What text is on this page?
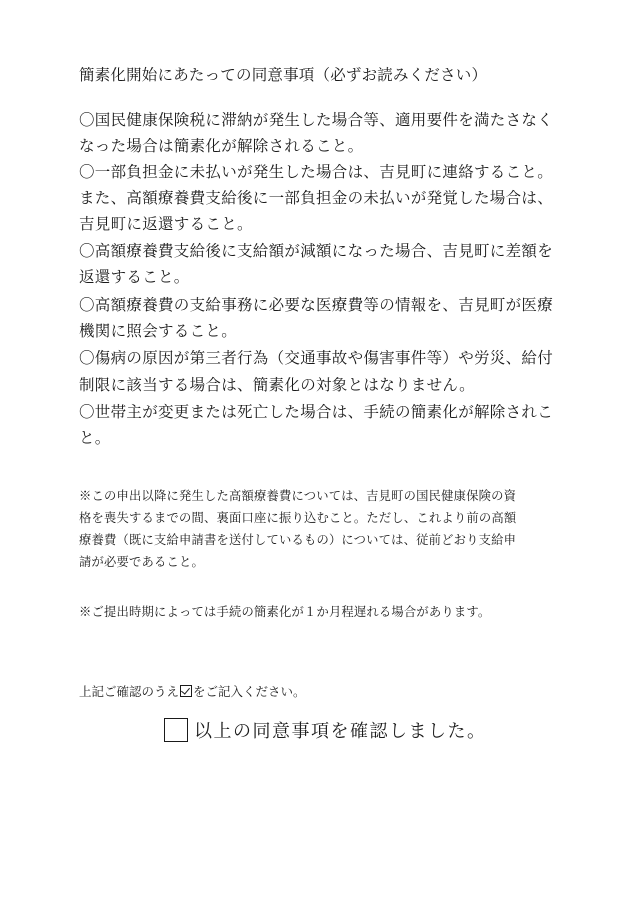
簡素化開始にあたっての同意事項（必ずお読みください）
〇国民健康保険税に滞納が発生した場合等、適用要件を満たさなく
なった場合は簡素化が解除されること。
〇一部負担金に未払いが発生した場合は、吉見町に連絡すること。
また、高額療養費支給後に一部負担金の未払いが発覚した場合は、
吉見町に返還すること。
〇高額療養費支給後に支給額が減額になった場合、吉見町に差額を
返還すること。
〇高額療養費の支給事務に必要な医療費等の情報を、吉見町が医療
機関に照会すること。
〇傷病の原因が第三者行為（交通事故や傷害事件等）や労災、給付
制限に該当する場合は、簡素化の対象とはなりません。
〇世帯主が変更または死亡した場合は、手続の簡素化が解除されこ
と。
※この申出以降に発生した高額療養費については、吉見町の国民健康保険の資
格を喪失するまでの間、裏面口座に振り込むこと。ただし、これより前の高額
療養費（既に支給申請書を送付しているもの）については、従前どおり支給申
請が必要であること。
※ご提出時期によっては手続の簡素化が１か月程遅れる場合があります。
上記ご確認のうえ をご記入ください。
以上の同意事項を確認しました。
